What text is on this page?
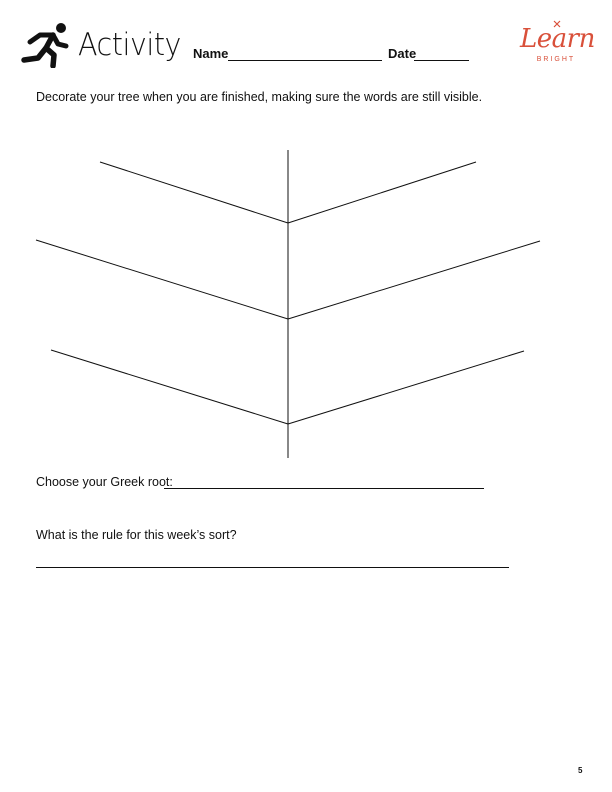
Activity Name	Date	Learn
BRIGHT
Decorate your tree when you are finished, making sure the words are still visible.
Choose your Greek root:
What is the rule for this week’s sort?
5
